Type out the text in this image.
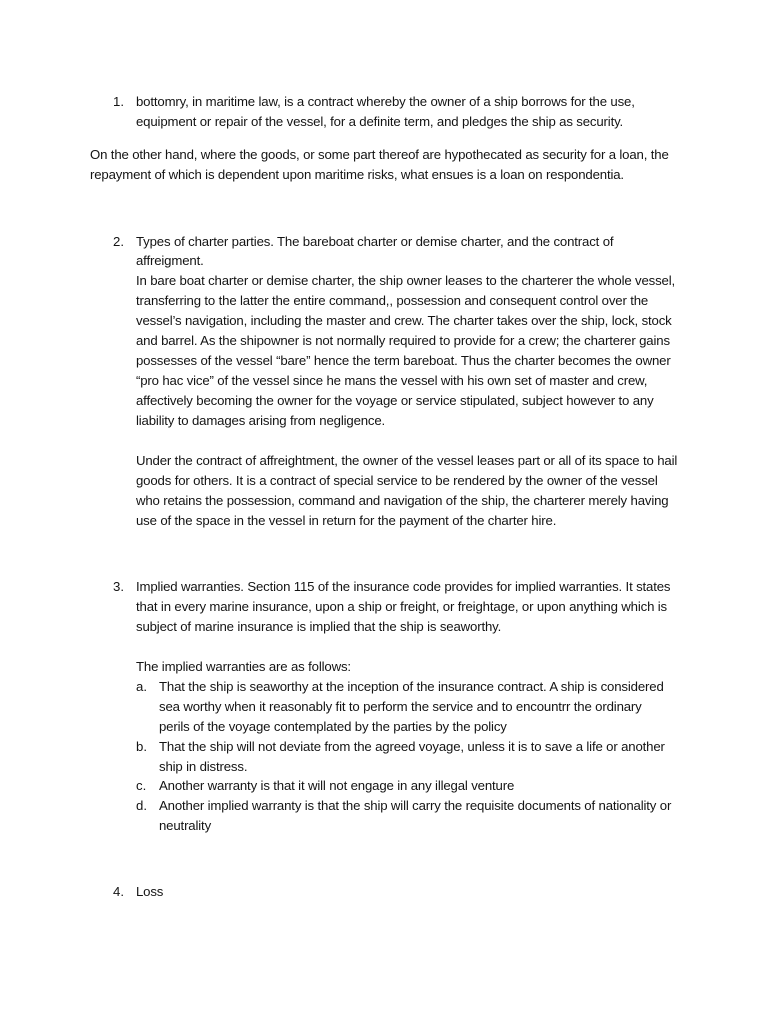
1. bottomry, in maritime law, is a contract whereby the owner of a ship borrows for the use,
equipment or repair of the vessel, for a definite term, and pledges the ship as security.
On the other hand, where the goods, or some part thereof are hypothecated as security for a loan, the
repayment of which is dependent upon maritime risks, what ensues is a loan on respondentia.
2. Types of charter parties. The bareboat charter or demise charter, and the contract of
affreigment.
In bare boat charter or demise charter, the ship owner leases to the charterer the whole vessel,
transferring to the latter the entire command,, possession and consequent control over the
vessel’s navigation, including the master and crew. The charter takes over the ship, lock, stock
and barrel. As the shipowner is not normally required to provide for a crew; the charterer gains
possesses of the vessel “bare” hence the term bareboat. Thus the charter becomes the owner
“pro hac vice” of the vessel since he mans the vessel with his own set of master and crew,
affectively becoming the owner for the voyage or service stipulated, subject however to any
liability to damages arising from negligence.
Under the contract of affreightment, the owner of the vessel leases part or all of its space to hail
goods for others. It is a contract of special service to be rendered by the owner of the vessel
who retains the possession, command and navigation of the ship, the charterer merely having
use of the space in the vessel in return for the payment of the charter hire.
3. Implied warranties. Section 115 of the insurance code provides for implied warranties. It states
that in every marine insurance, upon a ship or freight, or freightage, or upon anything which is
subject of marine insurance is implied that the ship is seaworthy.
The implied warranties are as follows:
a. That the ship is seaworthy at the inception of the insurance contract. A ship is considered
sea worthy when it reasonably fit to perform the service and to encountrr the ordinary
perils of the voyage contemplated by the parties by the policy
b. That the ship will not deviate from the agreed voyage, unless it is to save a life or another
ship in distress.
c. Another warranty is that it will not engage in any illegal venture
d. Another implied warranty is that the ship will carry the requisite documents of nationality or
neutrality
4. Loss
